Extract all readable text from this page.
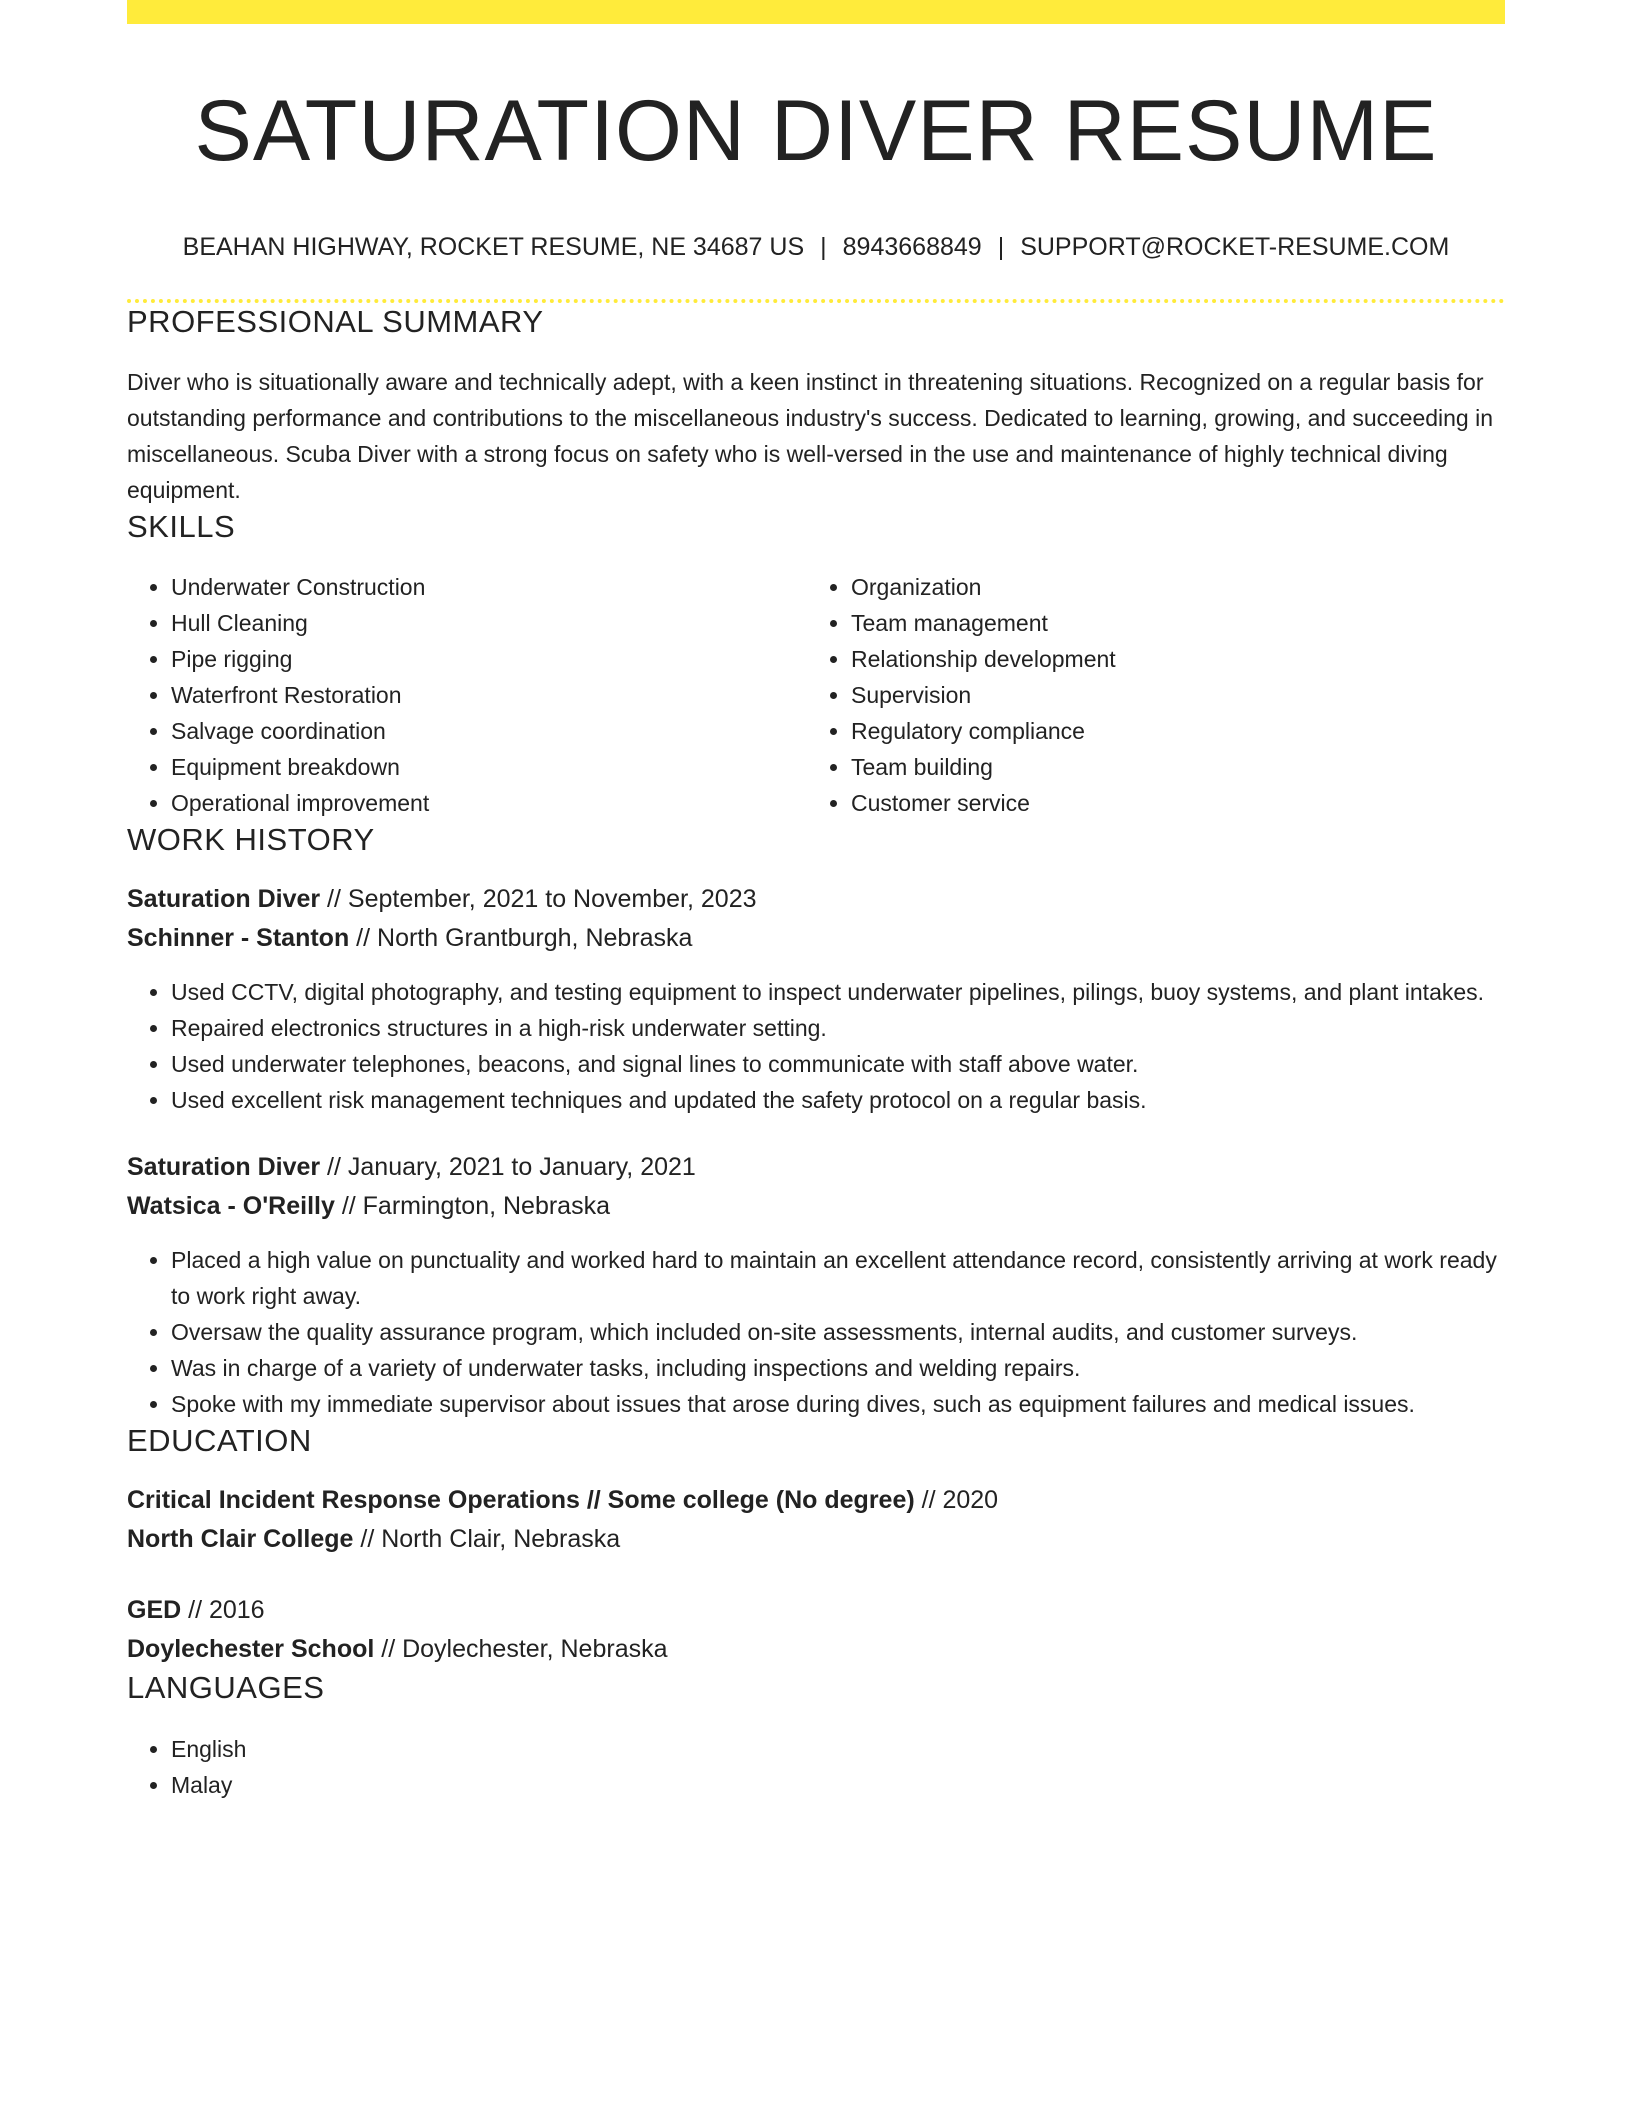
SATURATION DIVER RESUME
BEAHAN HIGHWAY, ROCKET RESUME, NE 34687 US | 8943668849 | SUPPORT@ROCKET-RESUME.COM
PROFESSIONAL SUMMARY

Diver who is situationally aware and technically adept, with a keen instinct in threatening situations. Recognized on a regular basis for outstanding performance and contributions to the miscellaneous industry's success. Dedicated to learning, growing, and succeeding in miscellaneous. Scuba Diver with a strong focus on safety who is well-versed in the use and maintenance of highly technical diving equipment.

SKILLS
• Underwater Construction
• Hull Cleaning
• Pipe rigging
• Waterfront Restoration
• Salvage coordination
• Equipment breakdown
• Operational improvement
• Organization
• Team management
• Relationship development
• Supervision
• Regulatory compliance
• Team building
• Customer service
WORK HISTORY
Saturation Diver // September, 2021 to November, 2023
Schinner - Stanton // North Grantburgh, Nebraska
• Used CCTV, digital photography, and testing equipment to inspect underwater pipelines, pilings, buoy systems, and plant intakes.
• Repaired electronics structures in a high-risk underwater setting.
• Used underwater telephones, beacons, and signal lines to communicate with staff above water.
• Used excellent risk management techniques and updated the safety protocol on a regular basis.
Saturation Diver // January, 2021 to January, 2021
Watsica - O'Reilly // Farmington, Nebraska
• Placed a high value on punctuality and worked hard to maintain an excellent attendance record, consistently arriving at work ready to work right away.
• Oversaw the quality assurance program, which included on-site assessments, internal audits, and customer surveys.
• Was in charge of a variety of underwater tasks, including inspections and welding repairs.
• Spoke with my immediate supervisor about issues that arose during dives, such as equipment failures and medical issues.
EDUCATION
Critical Incident Response Operations // Some college (No degree) // 2020
North Clair College // North Clair, Nebraska
GED // 2016
Doylechester School // Doylechester, Nebraska
LANGUAGES
• English
• Malay
